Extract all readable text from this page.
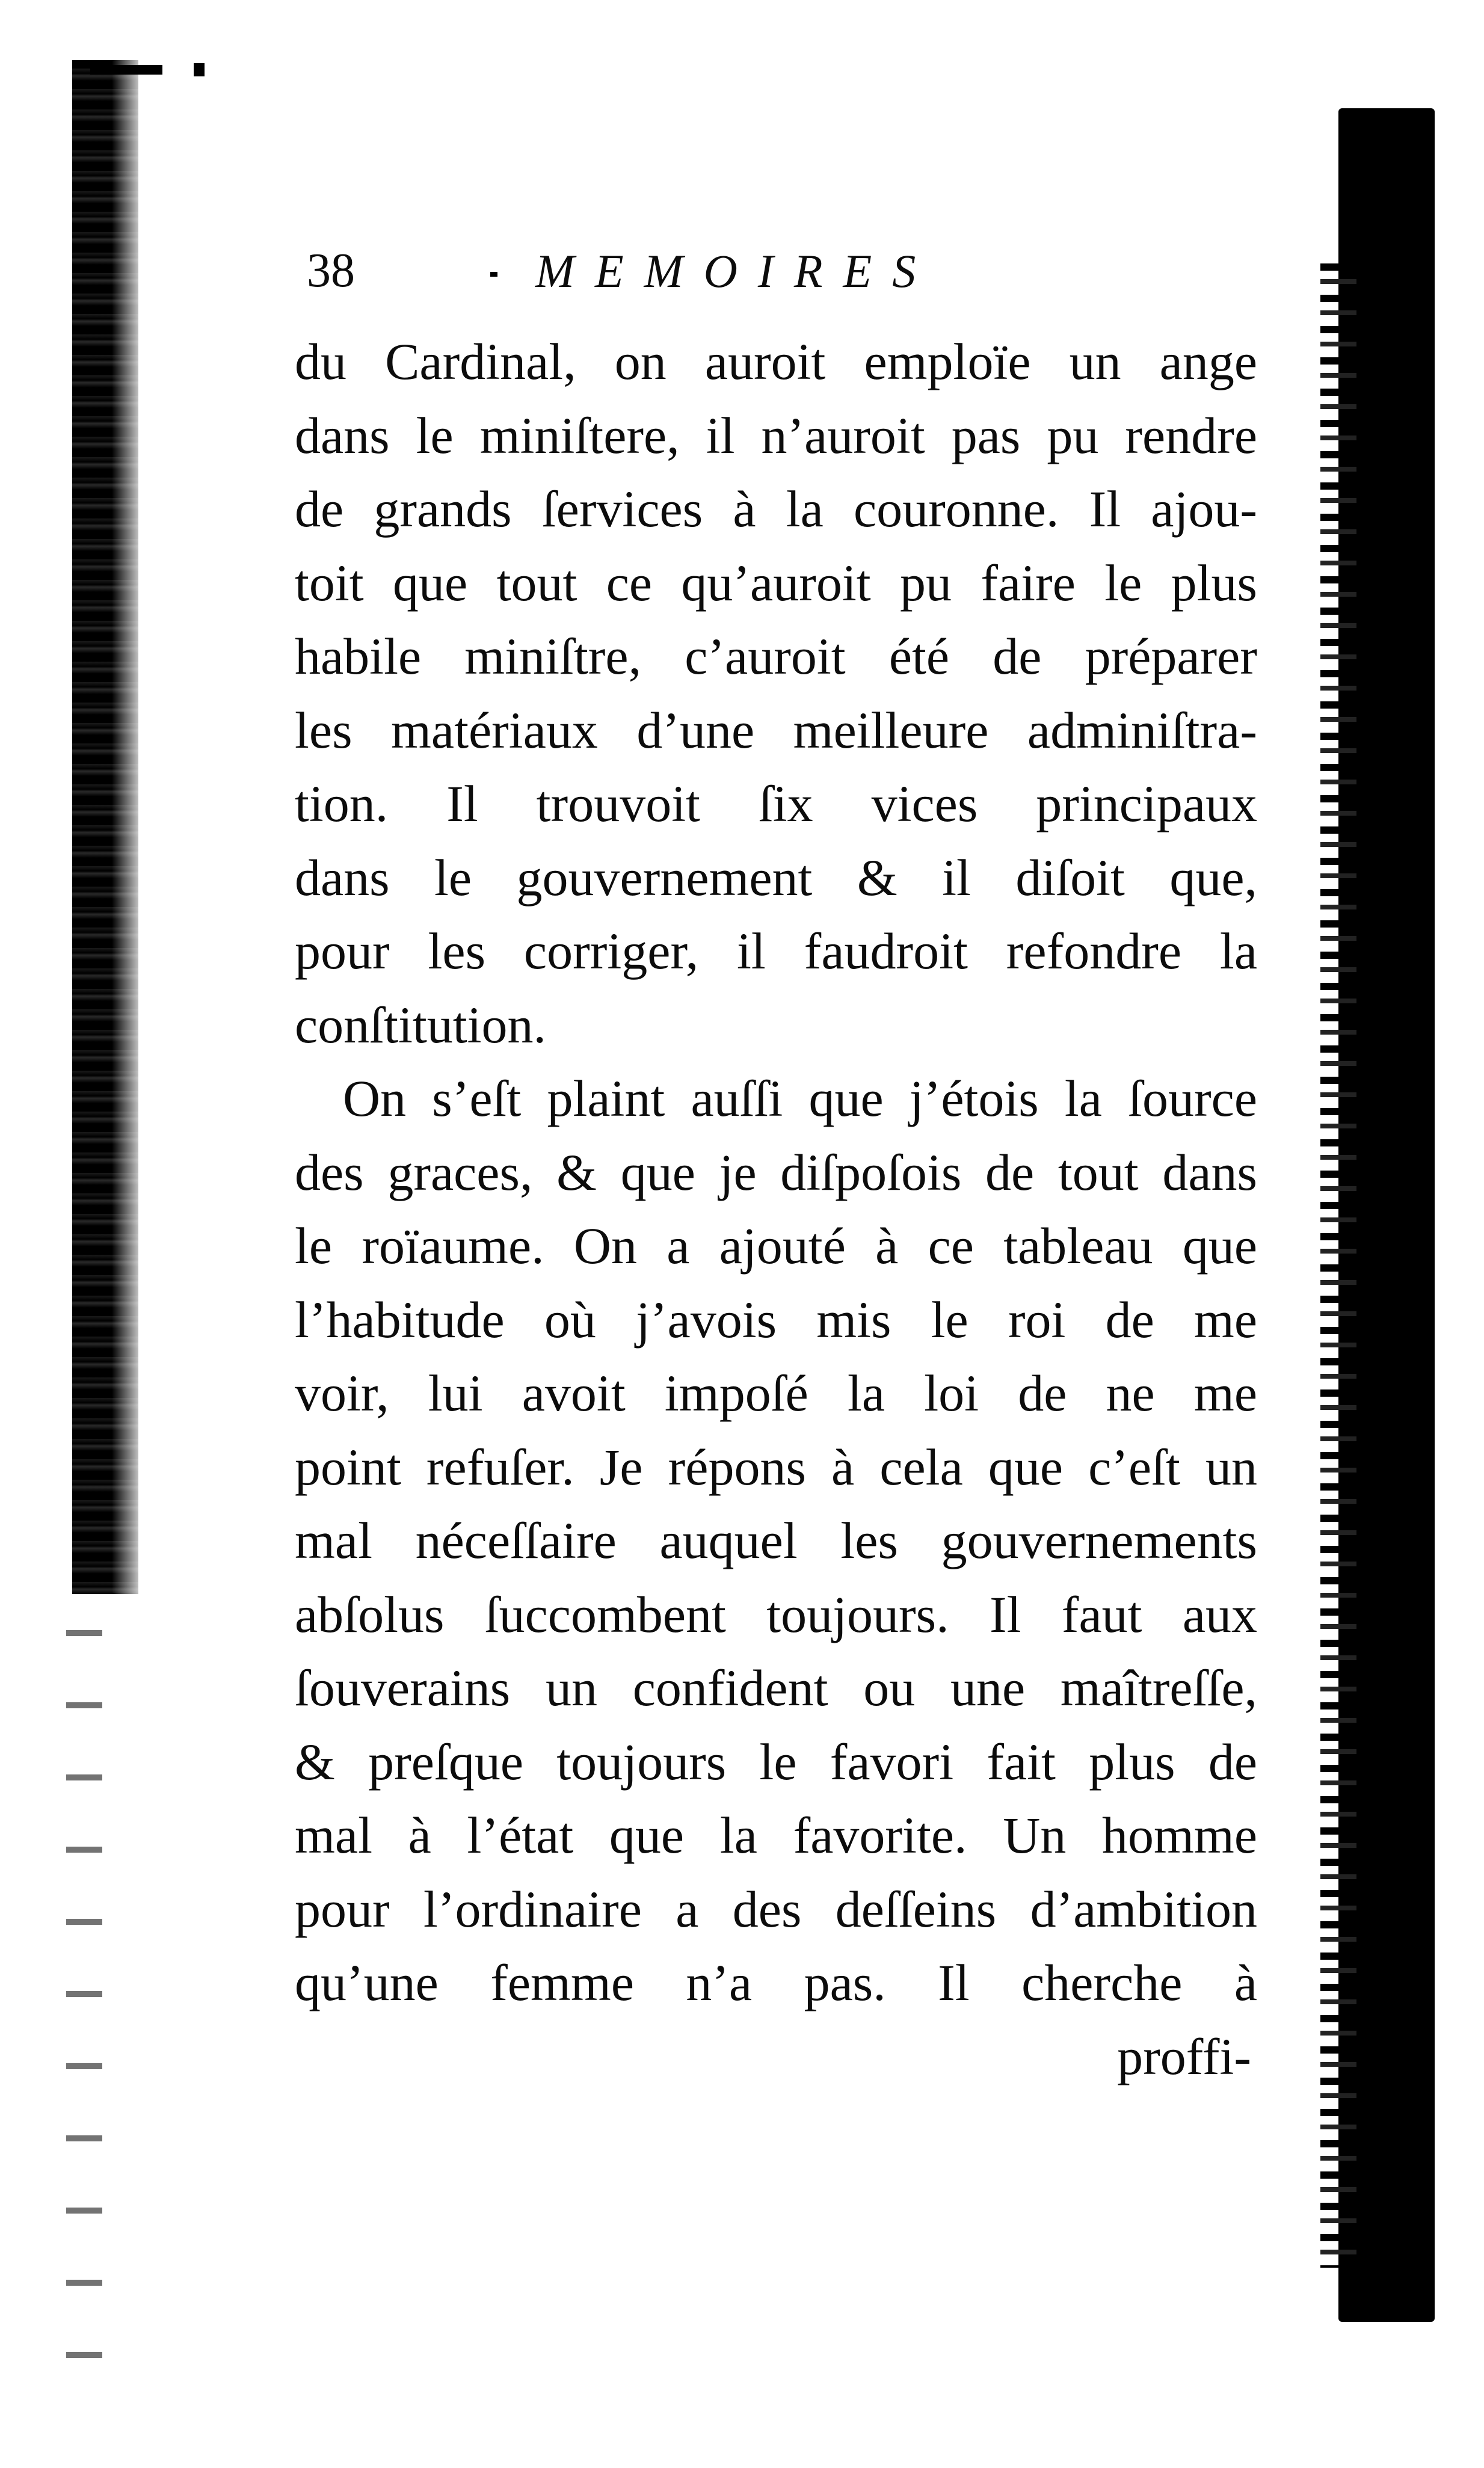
38	MEMOIRES

du Cardinal, on auroit emploïe un ange
dans le miniſtere, il n’auroit pas pu rendre
de grands ſervices à la couronne. Il ajou-
toit que tout ce qu’auroit pu faire le plus
habile miniſtre, c’auroit été de préparer
les matériaux d’une meilleure adminiſtra-
tion. Il trouvoit ſix vices principaux
dans le gouvernement & il diſoit que,
pour les corriger, il faudroit refondre la
conſtitution.

On s’eſt plaint auſſi que j’étois la ſource
des graces, & que je diſpoſois de tout dans
le roïaume. On a ajouté à ce tableau que
l’habitude où j’avois mis le roi de me
voir, lui avoit impoſé la loi de ne me
point refuſer. Je répons à cela que c’eſt un
mal néceſſaire auquel les gouvernements
abſolus ſuccombent toujours. Il faut aux
ſouverains un confident ou une maîtreſſe,
& preſque toujours le favori fait plus de
mal à l’état que la favorite. Un homme
pour l’ordinaire a des deſſeins d’ambition
qu’une femme n’a pas. Il cherche à

proffi-
